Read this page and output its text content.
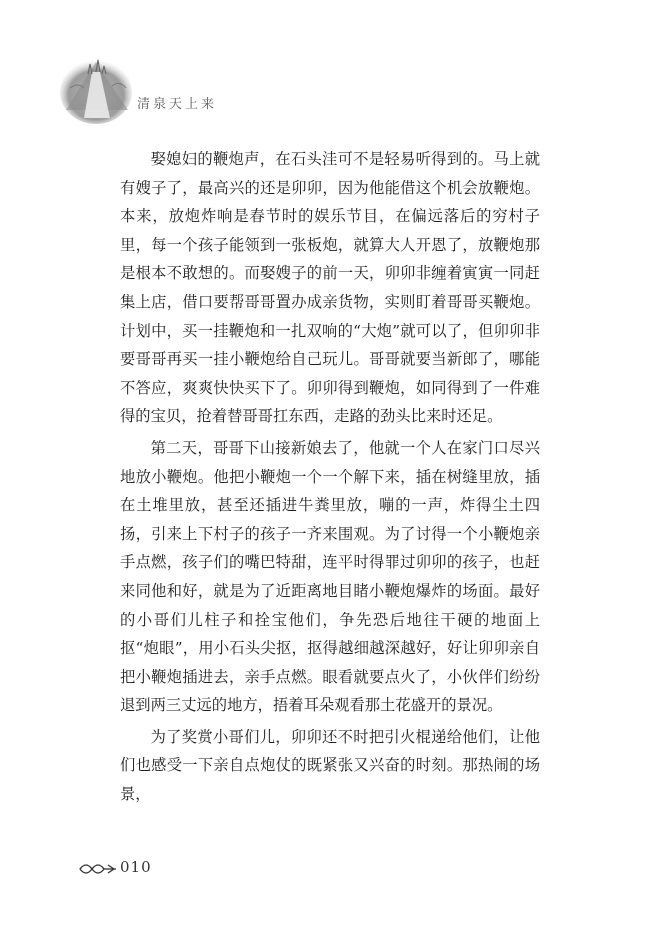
清泉天上来

娶媳妇的鞭炮声，在石头洼可不是轻易听得到的。马上就有嫂子了，最高兴的还是卯卯，因为他能借这个机会放鞭炮。本来，放炮炸响是春节时的娱乐节目，在偏远落后的穷村子里，每一个孩子能领到一张板炮，就算大人开恩了，放鞭炮那是根本不敢想的。而娶嫂子的前一天，卯卯非缠着寅寅一同赶集上店，借口要帮哥哥置办成亲货物，实则盯着哥哥买鞭炮。计划中，买一挂鞭炮和一扎双响的“大炮”就可以了，但卯卯非要哥哥再买一挂小鞭炮给自己玩儿。哥哥就要当新郎了，哪能不答应，爽爽快快买下了。卯卯得到鞭炮，如同得到了一件难得的宝贝，抢着替哥哥扛东西，走路的劲头比来时还足。

第二天，哥哥下山接新娘去了，他就一个人在家门口尽兴地放小鞭炮。他把小鞭炮一个一个解下来，插在树缝里放，插在土堆里放，甚至还插进牛粪里放，嘣的一声，炸得尘土四扬，引来上下村子的孩子一齐来围观。为了讨得一个小鞭炮亲手点燃，孩子们的嘴巴特甜，连平时得罪过卯卯的孩子，也赶来同他和好，就是为了近距离地目睹小鞭炮爆炸的场面。最好的小哥们儿柱子和拴宝他们，争先恐后地往干硬的地面上抠“炮眼”，用小石头尖抠，抠得越细越深越好，好让卯卯亲自把小鞭炮插进去，亲手点燃。眼看就要点火了，小伙伴们纷纷退到两三丈远的地方，捂着耳朵观看那土花盛开的景况。

为了奖赏小哥们儿，卯卯还不时把引火棍递给他们，让他们也感受一下亲自点炮仗的既紧张又兴奋的时刻。那热闹的场景，

010
